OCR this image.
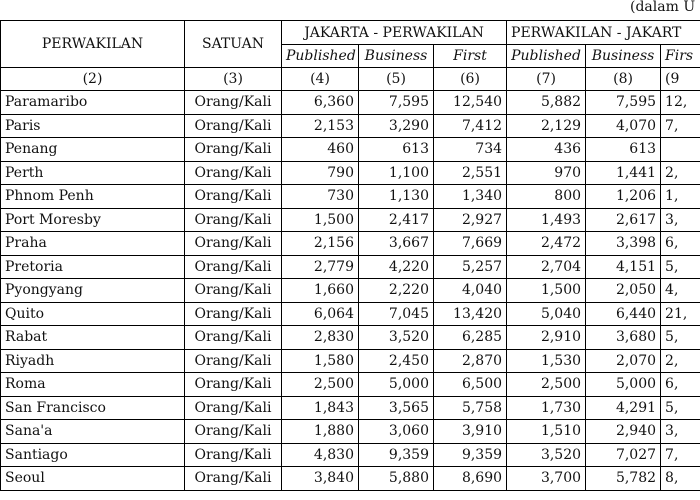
(dalam U
PERWAKILAN	SATUAN	JAKARTA - PERWAKILAN			PERWAKILAN - JAKART		
		Published	Business	First	Published	Business	Firs
(2)	(3)	(4)	(5)	(6)	(7)	(8)	(9
Paramaribo	Orang/Kali	6,360	7,595	12,540	5,882	7,595	12,
Paris	Orang/Kali	2,153	3,290	7,412	2,129	4,070	7,
Penang	Orang/Kali	460	613	734	436	613	
Perth	Orang/Kali	790	1,100	2,551	970	1,441	2,
Phnom Penh	Orang/Kali	730	1,130	1,340	800	1,206	1,
Port Moresby	Orang/Kali	1,500	2,417	2,927	1,493	2,617	3,
Praha	Orang/Kali	2,156	3,667	7,669	2,472	3,398	6,
Pretoria	Orang/Kali	2,779	4,220	5,257	2,704	4,151	5,
Pyongyang	Orang/Kali	1,660	2,220	4,040	1,500	2,050	4,
Quito	Orang/Kali	6,064	7,045	13,420	5,040	6,440	21,
Rabat	Orang/Kali	2,830	3,520	6,285	2,910	3,680	5,
Riyadh	Orang/Kali	1,580	2,450	2,870	1,530	2,070	2,
Roma	Orang/Kali	2,500	5,000	6,500	2,500	5,000	6,
San Francisco	Orang/Kali	1,843	3,565	5,758	1,730	4,291	5,
Sana'a	Orang/Kali	1,880	3,060	3,910	1,510	2,940	3,
Santiago	Orang/Kali	4,830	9,359	9,359	3,520	7,027	7,
Seoul	Orang/Kali	3,840	5,880	8,690	3,700	5,782	8,
